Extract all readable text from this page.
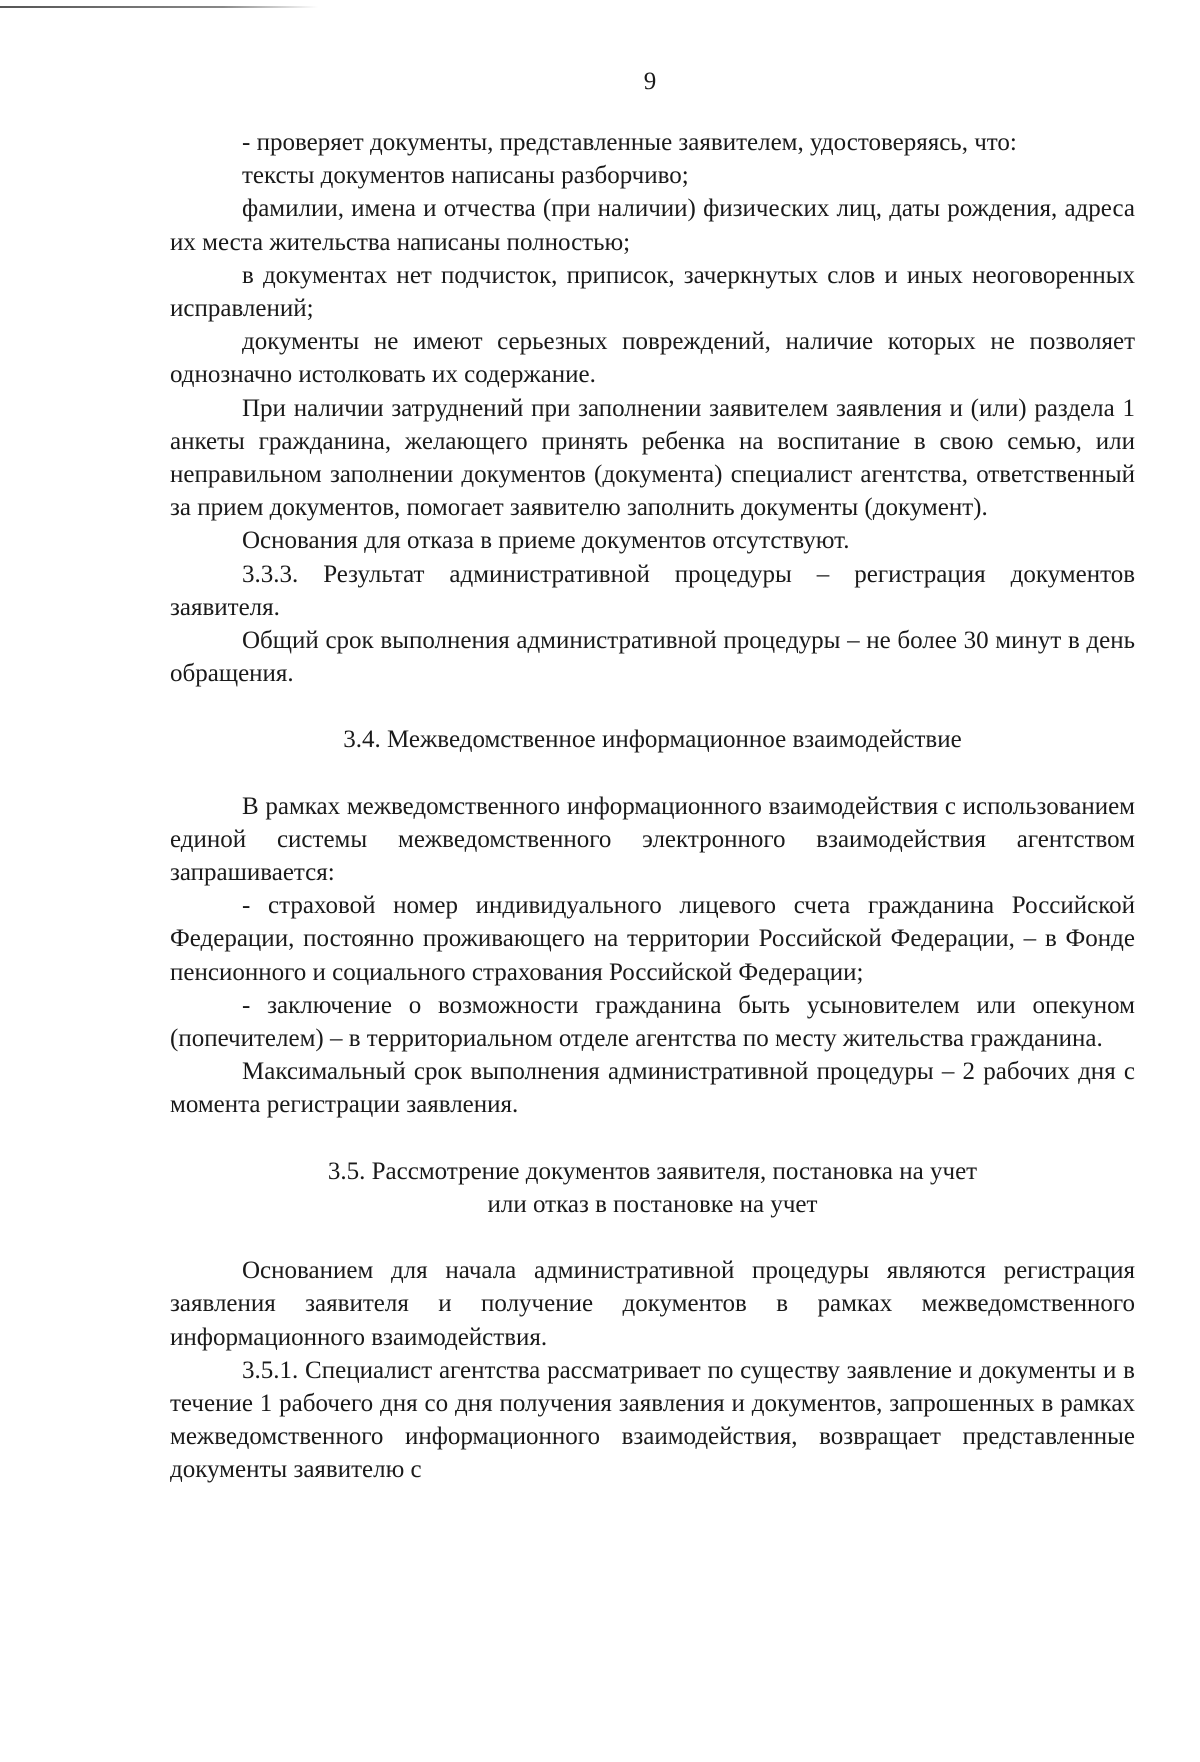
9

- проверяет документы, представленные заявителем, удостоверяясь, что:

тексты документов написаны разборчиво;

фамилии, имена и отчества (при наличии) физических лиц, даты рождения, адреса их места жительства написаны полностью;

в документах нет подчисток, приписок, зачеркнутых слов и иных неоговоренных исправлений;

документы не имеют серьезных повреждений, наличие которых не позволяет однозначно истолковать их содержание.

При наличии затруднений при заполнении заявителем заявления и (или) раздела 1 анкеты гражданина, желающего принять ребенка на воспитание в свою семью, или неправильном заполнении документов (документа) специалист агентства, ответственный за прием документов, помогает заявителю заполнить документы (документ).

Основания для отказа в приеме документов отсутствуют.

3.3.3. Результат административной процедуры – регистрация документов заявителя.

Общий срок выполнения административной процедуры – не более 30 минут в день обращения.

3.4. Межведомственное информационное взаимодействие

В рамках межведомственного информационного взаимодействия с использованием единой системы межведомственного электронного взаимодействия агентством запрашивается:

- страховой номер индивидуального лицевого счета гражданина Российской Федерации, постоянно проживающего на территории Российской Федерации, – в Фонде пенсионного и социального страхования Российской Федерации;

- заключение о возможности гражданина быть усыновителем или опекуном (попечителем) – в территориальном отделе агентства по месту жительства гражданина.

Максимальный срок выполнения административной процедуры – 2 рабочих дня с момента регистрации заявления.

3.5. Рассмотрение документов заявителя, постановка на учет
или отказ в постановке на учет

Основанием для начала административной процедуры являются регистрация заявления заявителя и получение документов в рамках межведомственного информационного взаимодействия.

3.5.1. Специалист агентства рассматривает по существу заявление и документы и в течение 1 рабочего дня со дня получения заявления и документов, запрошенных в рамках межведомственного информационного взаимодействия, возвращает представленные документы заявителю с
